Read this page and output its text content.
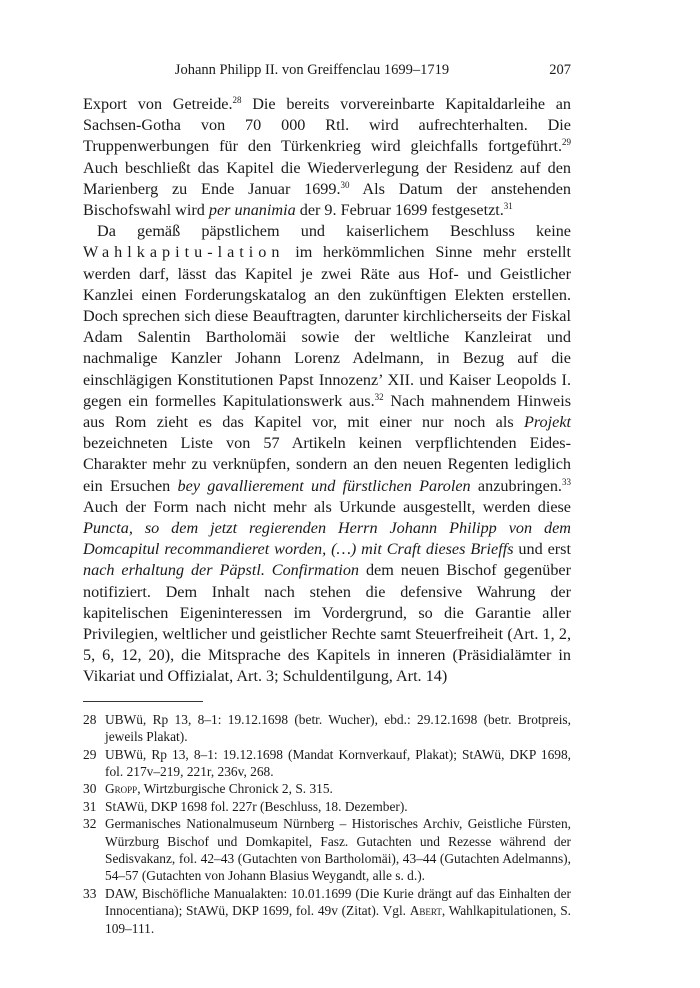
Johann Philipp II. von Greiffenclau 1699–1719	207

Export von Getreide.$^{28}$ Die bereits vorvereinbarte Kapitaldarleihe an Sachsen-Gotha von 70 000 Rtl. wird aufrechterhalten. Die Truppenwerbungen für den Türkenkrieg wird gleichfalls fortgeführt.$^{29}$ Auch beschließt das Kapitel die Wiederverlegung der Residenz auf den Marienberg zu Ende Januar 1699.30 Als Datum der anstehenden Bischofswahl wird per unanimia der 9. Februar 1699 festgesetzt.$^{31}$

Da gemäß päpstlichem und kaiserlichem Beschluss keine Wahlkapitu-lation im herkömmlichen Sinne mehr erstellt werden darf, lässt das Kapitel je zwei Räte aus Hof- und Geistlicher Kanzlei einen Forderungskatalog an den zukünftigen Elekten erstellen. Doch sprechen sich diese Beauftragten, darunter kirchlicherseits der Fiskal Adam Salentin Bartholomäi sowie der weltliche Kanzleirat und nachmalige Kanzler Johann Lorenz Adelmann, in Bezug auf die einschlägigen Konstitutionen Papst Innozenz’ XII. und Kaiser Leopolds I. gegen ein formelles Kapitulationswerk aus.$^{32}$ Nach mahnendem Hinweis aus Rom zieht es das Kapitel vor, mit einer nur noch als Projekt bezeichneten Liste von 57 Artikeln keinen verpflichtenden Eides-Charakter mehr zu verknüpfen, sondern an den neuen Regenten lediglich ein Ersuchen bey gavallierement und fürstlichen Parolen anzubringen.$^{33}$ Auch der Form nach nicht mehr als Urkunde ausgestellt, werden diese Puncta, so dem jetzt regierenden Herrn Johann Philipp von dem Domcapitul recommandieret worden, (…) mit Craft dieses Brieffs und erst nach erhaltung der Päpstl. Confirmation dem neuen Bischof gegenüber notifiziert. Dem Inhalt nach stehen die defensive Wahrung der kapitelischen Eigeninteressen im Vordergrund, so die Garantie aller Privilegien, weltlicher und geistlicher Rechte samt Steuerfreiheit (Art. 1, 2, 5, 6, 12, 20), die Mitsprache des Kapitels in inneren (Präsidialämter in Vikariat und Offizialat, Art. 3; Schuldentilgung, Art. 14)

28 UBWü, Rp 13, 8–1: 19.12.1698 (betr. Wucher), ebd.: 29.12.1698 (betr. Brotpreis, jeweils Plakat).
29 UBWü, Rp 13, 8–1: 19.12.1698 (Mandat Kornverkauf, Plakat); StAWü, DKP 1698, fol. 217v–219, 221r, 236v, 268.
30 Gropp, Wirtzburgische Chronick 2, S. 315.
31 StAWü, DKP 1698 fol. 227r (Beschluss, 18. Dezember).
32 Germanisches Nationalmuseum Nürnberg – Historisches Archiv, Geistliche Fürsten, Würzburg Bischof und Domkapitel, Fasz. Gutachten und Rezesse während der Sedisvakanz, fol. 42–43 (Gutachten von Bartholomäi), 43–44 (Gutachten Adelmanns), 54–57 (Gutachten von Johann Blasius Weygandt, alle s. d.).
33 DAW, Bischöfliche Manualakten: 10.01.1699 (Die Kurie drängt auf das Einhalten der Innocentiana); StAWü, DKP 1699, fol. 49v (Zitat). Vgl. Abert, Wahlkapitulationen, S. 109–111.
